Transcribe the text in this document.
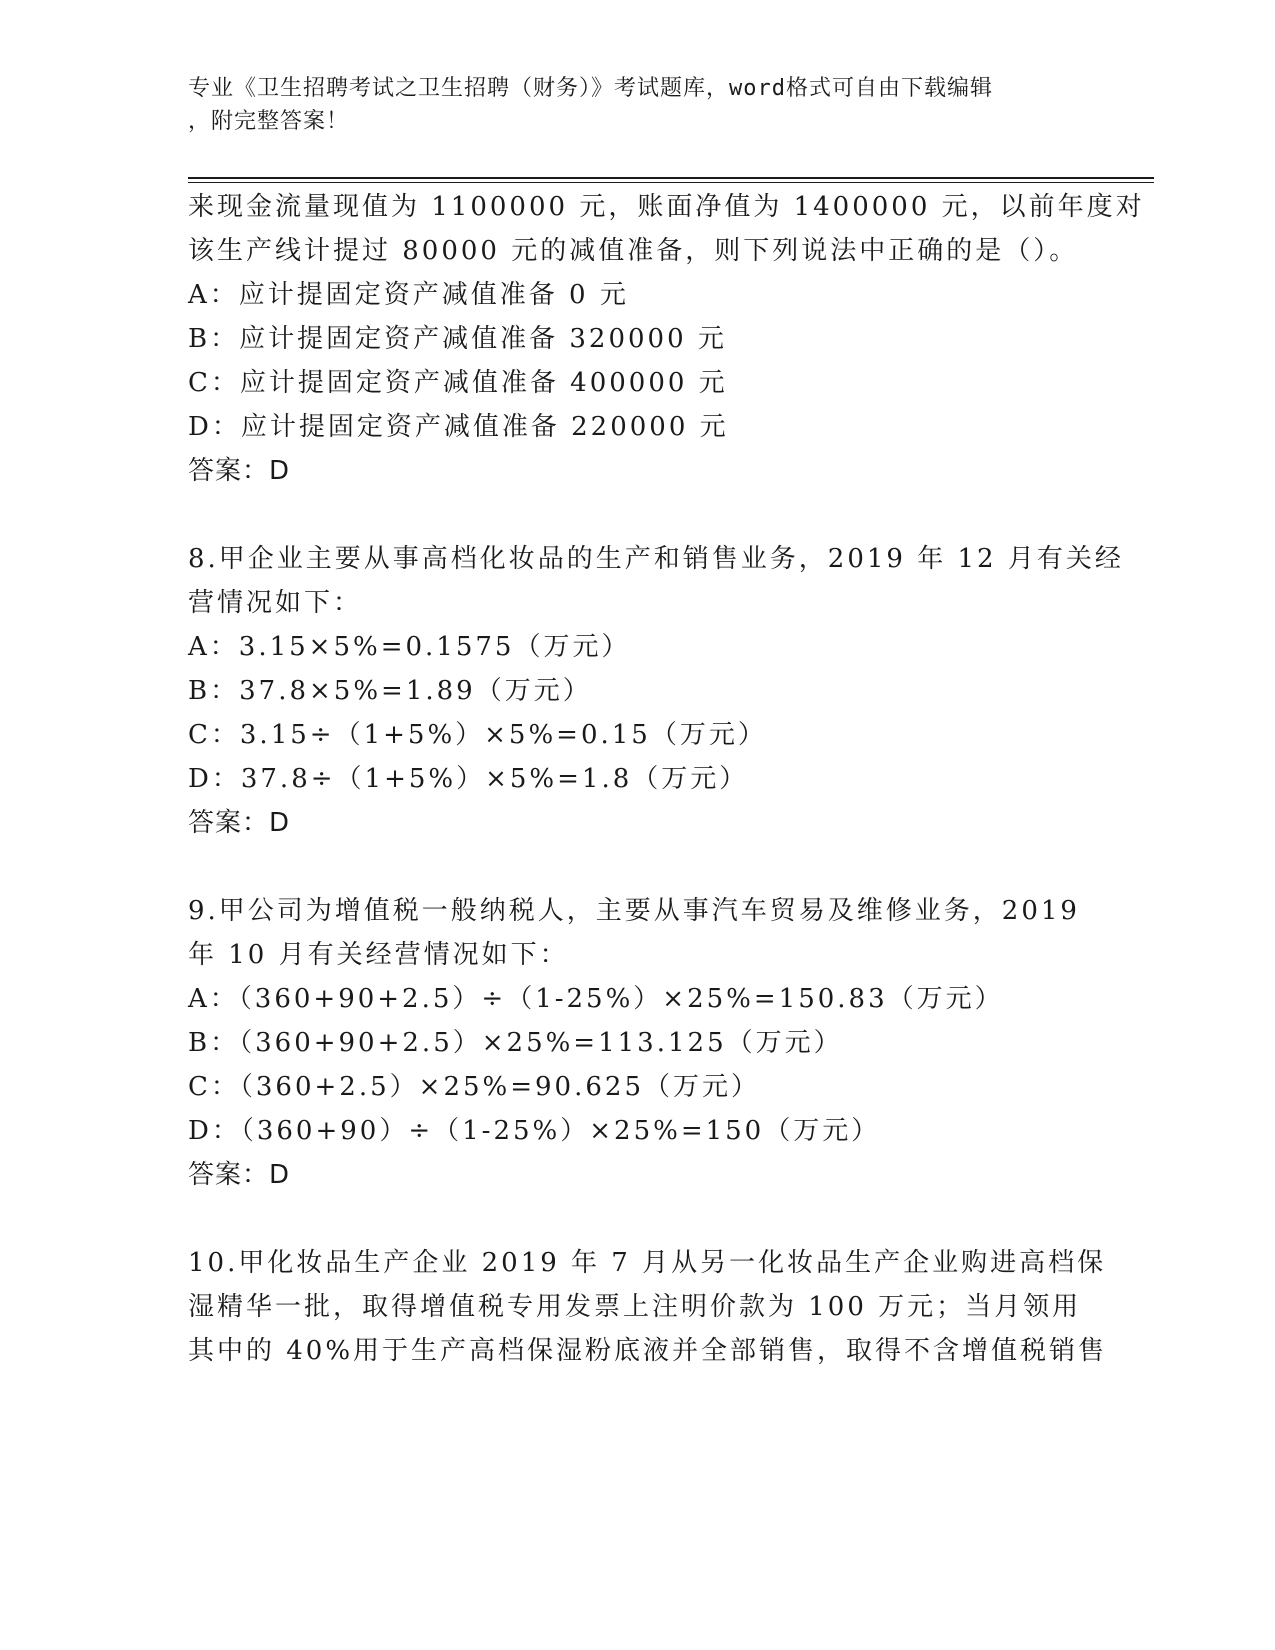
专业《卫生招聘考试之卫生招聘（财务）》考试题库，word格式可自由下载编辑
，附完整答案！
来现金流量现值为 1100000 元，账面净值为 1400000 元，以前年度对
该生产线计提过 80000 元的减值准备，则下列说法中正确的是（）。
A：应计提固定资产减值准备 0 元
B：应计提固定资产减值准备 320000 元
C：应计提固定资产减值准备 400000 元
D：应计提固定资产减值准备 220000 元
答案：D
8.甲企业主要从事高档化妆品的生产和销售业务，2019 年 12 月有关经
营情况如下：
A：3.15×5%=0.1575（万元）
B：37.8×5%=1.89（万元）
C：3.15÷（1+5%）×5%=0.15（万元）
D：37.8÷（1+5%）×5%=1.8（万元）
答案：D
9.甲公司为增值税一般纳税人，主要从事汽车贸易及维修业务，2019
年 10 月有关经营情况如下：
A：（360+90+2.5）÷（1-25%）×25%=150.83（万元）
B：（360+90+2.5）×25%=113.125（万元）
C：（360+2.5）×25%=90.625（万元）
D：（360+90）÷（1-25%）×25%=150（万元）
答案：D
10.甲化妆品生产企业 2019 年 7 月从另一化妆品生产企业购进高档保
湿精华一批，取得增值税专用发票上注明价款为 100 万元；当月领用
其中的 40%用于生产高档保湿粉底液并全部销售，取得不含增值税销售
